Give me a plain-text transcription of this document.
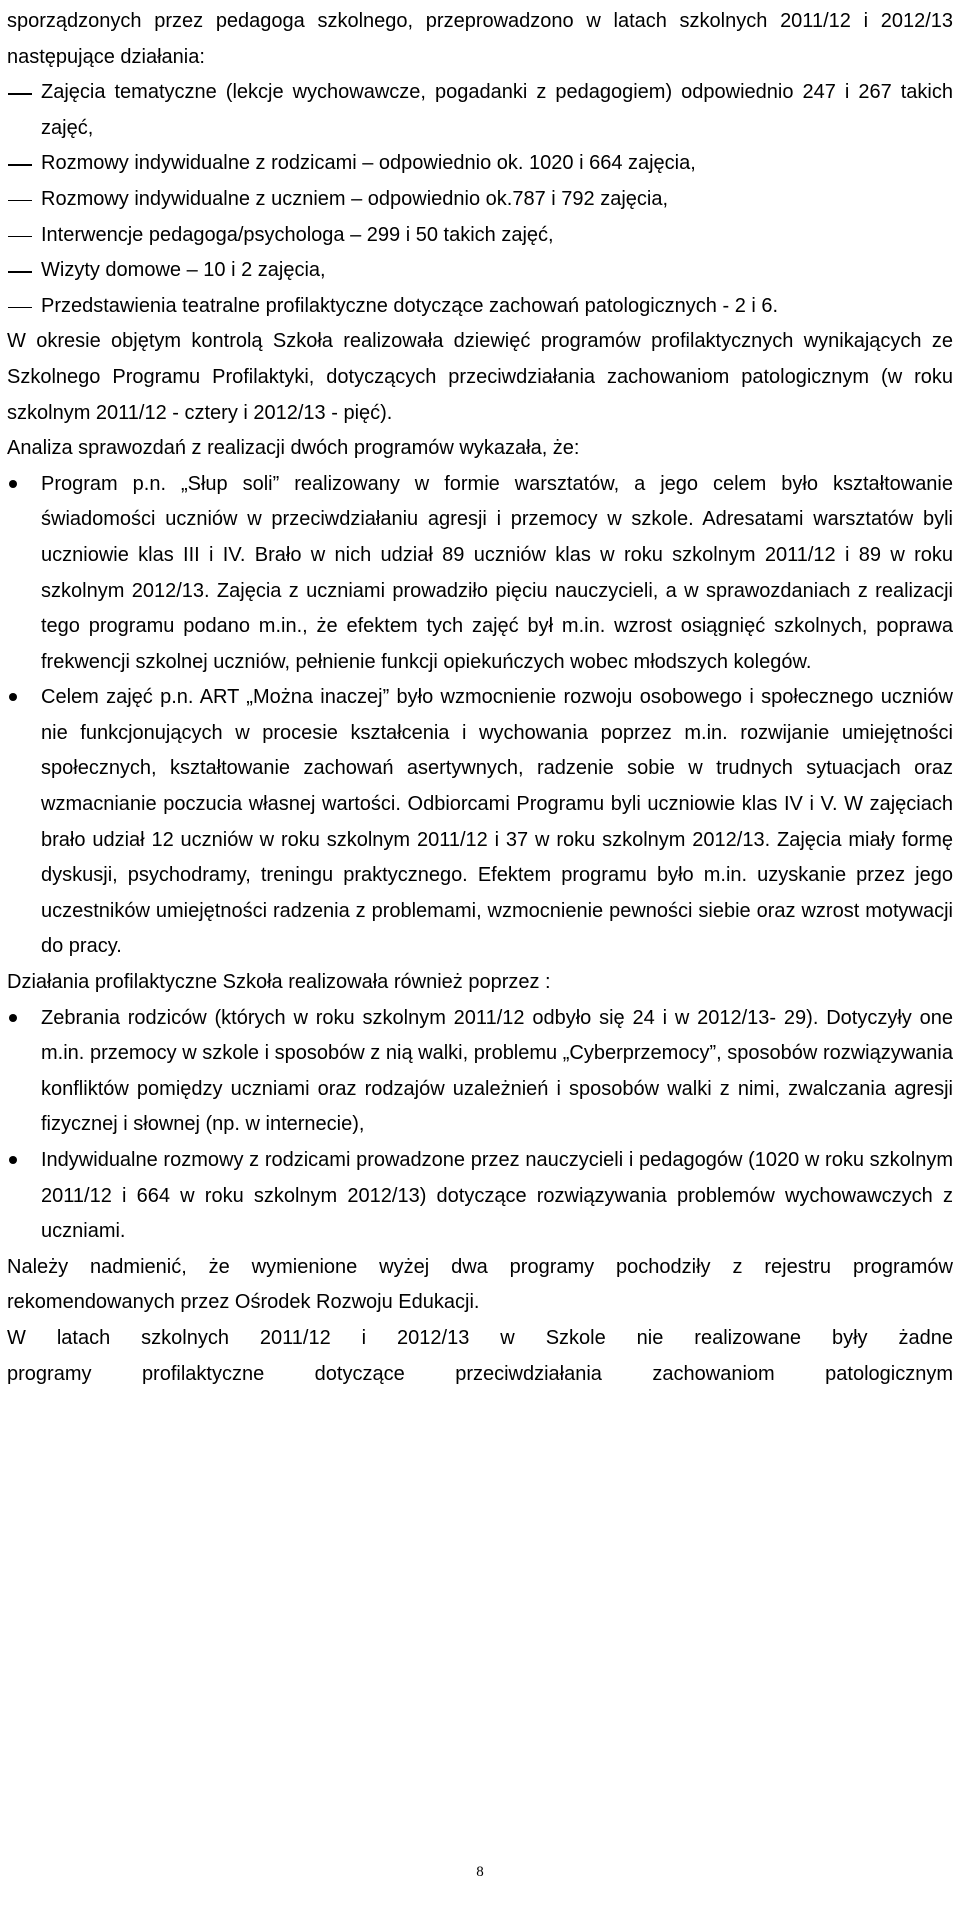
sporządzonych przez pedagoga szkolnego, przeprowadzono w latach szkolnych 2011/12 i 2012/13 następujące działania:

Zajęcia tematyczne (lekcje wychowawcze, pogadanki z pedagogiem) odpowiednio 247 i 267 takich zajęć,
Rozmowy indywidualne z rodzicami – odpowiednio ok. 1020 i 664 zajęcia,
Rozmowy indywidualne z uczniem – odpowiednio ok.787 i 792 zajęcia,
Interwencje pedagoga/psychologa – 299 i 50 takich zajęć,
Wizyty domowe – 10 i 2 zajęcia,
Przedstawienia teatralne profilaktyczne dotyczące zachowań patologicznych - 2 i 6.

W okresie objętym kontrolą Szkoła realizowała dziewięć programów profilaktycznych wynikających ze Szkolnego Programu Profilaktyki, dotyczących przeciwdziałania zachowaniom patologicznym (w roku szkolnym 2011/12 - cztery i 2012/13 - pięć).

Analiza sprawozdań z realizacji dwóch programów wykazała, że:

Program p.n. „Słup soli” realizowany w formie warsztatów, a jego celem było kształtowanie świadomości uczniów w przeciwdziałaniu agresji i przemocy w szkole. Adresatami warsztatów byli uczniowie klas III i IV. Brało w nich udział 89 uczniów klas w roku szkolnym 2011/12 i 89 w roku szkolnym 2012/13. Zajęcia z uczniami prowadziło pięciu nauczycieli, a w sprawozdaniach z realizacji tego programu podano m.in., że efektem tych zajęć był m.in. wzrost osiągnięć szkolnych, poprawa frekwencji szkolnej uczniów, pełnienie funkcji opiekuńczych wobec młodszych kolegów.
Celem zajęć p.n. ART „Można inaczej” było wzmocnienie rozwoju osobowego i społecznego uczniów nie funkcjonujących w procesie kształcenia i wychowania poprzez m.in. rozwijanie umiejętności społecznych, kształtowanie zachowań asertywnych, radzenie sobie w trudnych sytuacjach oraz wzmacnianie poczucia własnej wartości. Odbiorcami Programu byli uczniowie klas IV i V. W zajęciach brało udział 12 uczniów w roku szkolnym 2011/12 i 37 w roku szkolnym 2012/13. Zajęcia miały formę dyskusji, psychodramy, treningu praktycznego. Efektem programu było m.in. uzyskanie przez jego uczestników umiejętności radzenia z problemami, wzmocnienie pewności siebie oraz wzrost motywacji do pracy.

Działania profilaktyczne Szkoła realizowała również poprzez :

Zebrania rodziców (których w roku szkolnym 2011/12 odbyło się 24 i w 2012/13- 29). Dotyczyły one m.in. przemocy w szkole i sposobów z nią walki, problemu „Cyberprzemocy”, sposobów rozwiązywania konfliktów pomiędzy uczniami oraz rodzajów uzależnień i sposobów walki z nimi, zwalczania agresji fizycznej i słownej (np. w internecie),
Indywidualne rozmowy z rodzicami prowadzone przez nauczycieli i pedagogów (1020 w roku szkolnym 2011/12 i 664 w roku szkolnym 2012/13) dotyczące rozwiązywania problemów wychowawczych z uczniami.

Należy nadmienić, że wymienione wyżej dwa programy pochodziły z rejestru programów rekomendowanych przez Ośrodek Rozwoju Edukacji.

W latach szkolnych 2011/12 i 2012/13 w Szkole nie realizowane były żadne
programy profilaktyczne dotyczące przeciwdziałania zachowaniom patologicznym
8
